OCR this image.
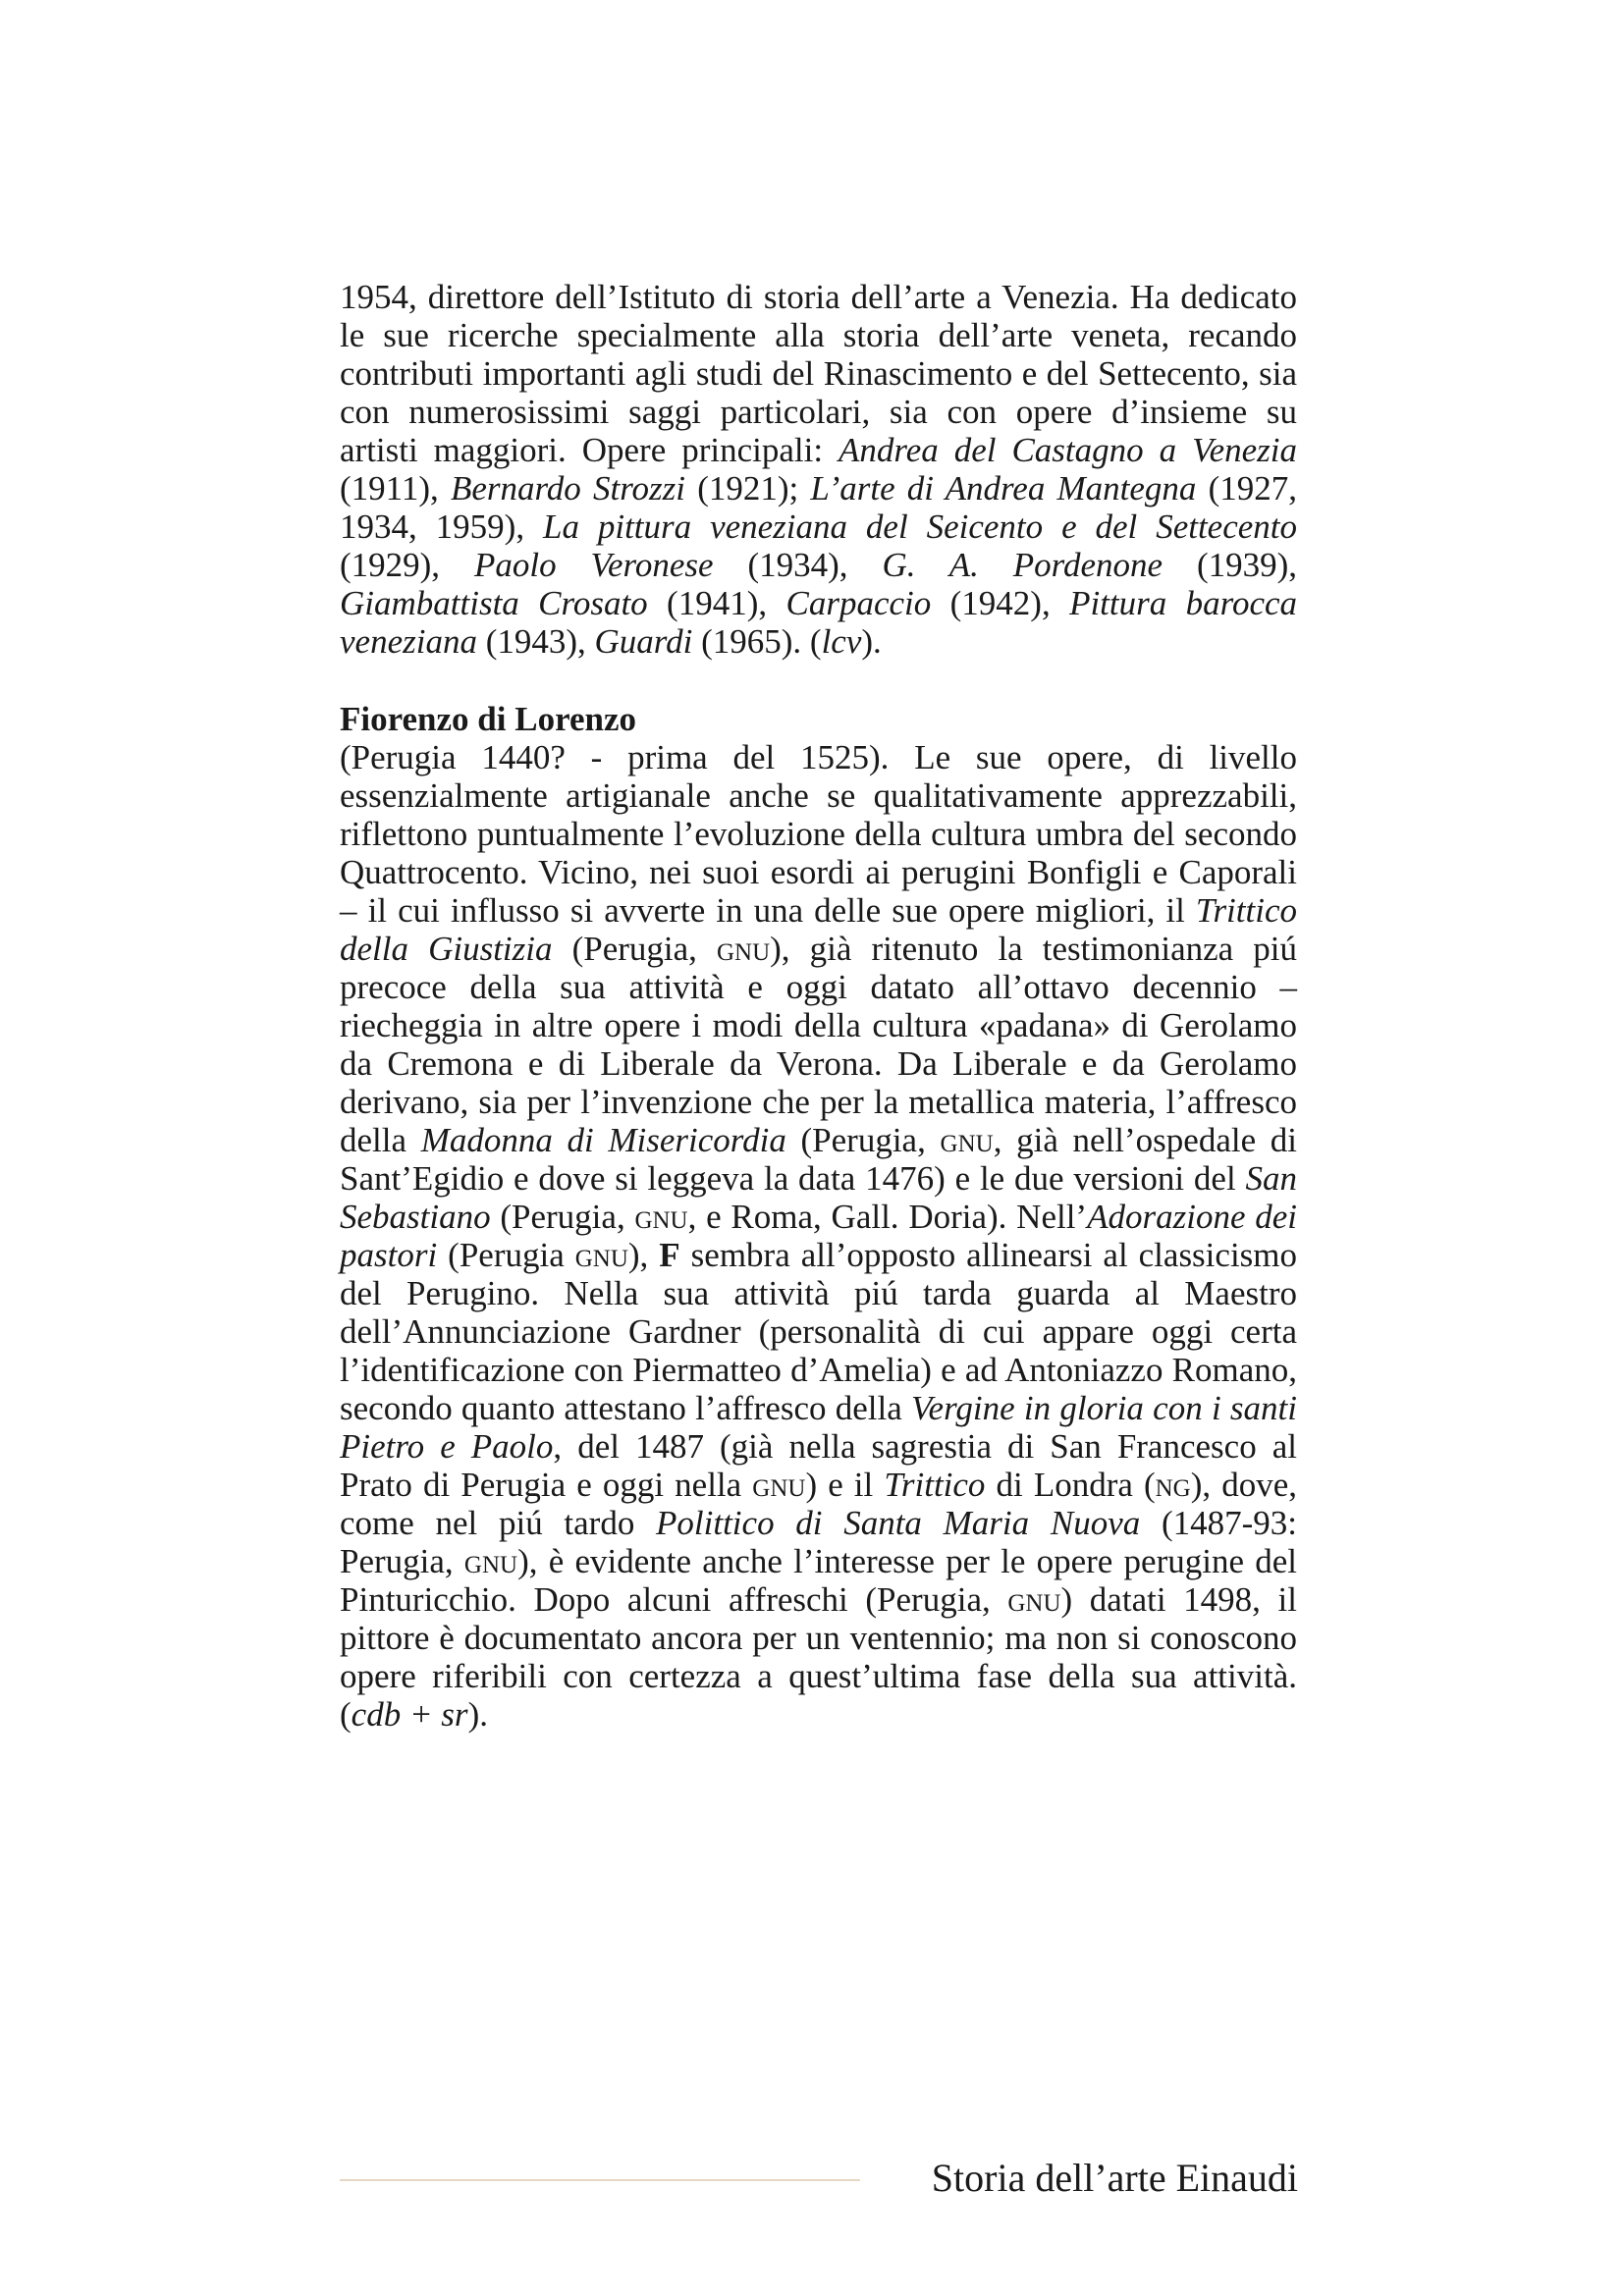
1954, direttore dell’Istituto di storia dell’arte a Venezia. Ha dedicato le sue ricerche specialmente alla storia dell’arte veneta, recando contributi importanti agli studi del Rinascimento e del Settecento, sia con numerosissimi saggi particolari, sia con opere d’insieme su artisti maggiori. Opere principali: Andrea del Castagno a Venezia (1911), Bernardo Strozzi (1921); L’arte di Andrea Mantegna (1927, 1934, 1959), La pittura veneziana del Seicento e del Settecento (1929), Paolo Veronese (1934), G. A. Pordenone (1939), Giambattista Crosato (1941), Carpaccio (1942), Pittura barocca veneziana (1943), Guardi (1965). (lcv).

Fiorenzo di Lorenzo

(Perugia 1440? - prima del 1525). Le sue opere, di livello essenzialmente artigianale anche se qualitativamente apprezzabili, riflettono puntualmente l’evoluzione della cultura umbra del secondo Quattrocento. Vicino, nei suoi esordi ai perugini Bonfigli e Caporali – il cui influsso si avverte in una delle sue opere migliori, il Trittico della Giustizia (Perugia, gnu), già ritenuto la testimonianza piú precoce della sua attività e oggi datato all’ottavo decennio – riecheggia in altre opere i modi della cultura «padana» di Gerolamo da Cremona e di Liberale da Verona. Da Liberale e da Gerolamo derivano, sia per l’invenzione che per la metallica materia, l’affresco della Madonna di Misericordia (Perugia, gnu, già nell’ospedale di Sant’Egidio e dove si leggeva la data 1476) e le due versioni del San Sebastiano (Perugia, gnu, e Roma, Gall. Doria). Nell’Adorazione dei pastori (Perugia gnu), F sembra all’opposto allinearsi al classicismo del Perugino. Nella sua attività piú tarda guarda al Maestro dell’Annunciazione Gardner (personalità di cui appare oggi certa l’identificazione con Piermatteo d’Amelia) e ad Antoniazzo Romano, secondo quanto attestano l’affresco della Vergine in gloria con i santi Pietro e Paolo, del 1487 (già nella sagrestia di San Francesco al Prato di Perugia e oggi nella gnu) e il Trittico di Londra (ng), dove, come nel piú tardo Polittico di Santa Maria Nuova (1487-93: Perugia, gnu), è evidente anche l’interesse per le opere perugine del Pinturicchio. Dopo alcuni affreschi (Perugia, gnu) datati 1498, il pittore è documentato ancora per un ventennio; ma non si conoscono opere riferibili con certezza a quest’ultima fase della sua attività. (cdb + sr).

Storia dell’arte Einaudi
